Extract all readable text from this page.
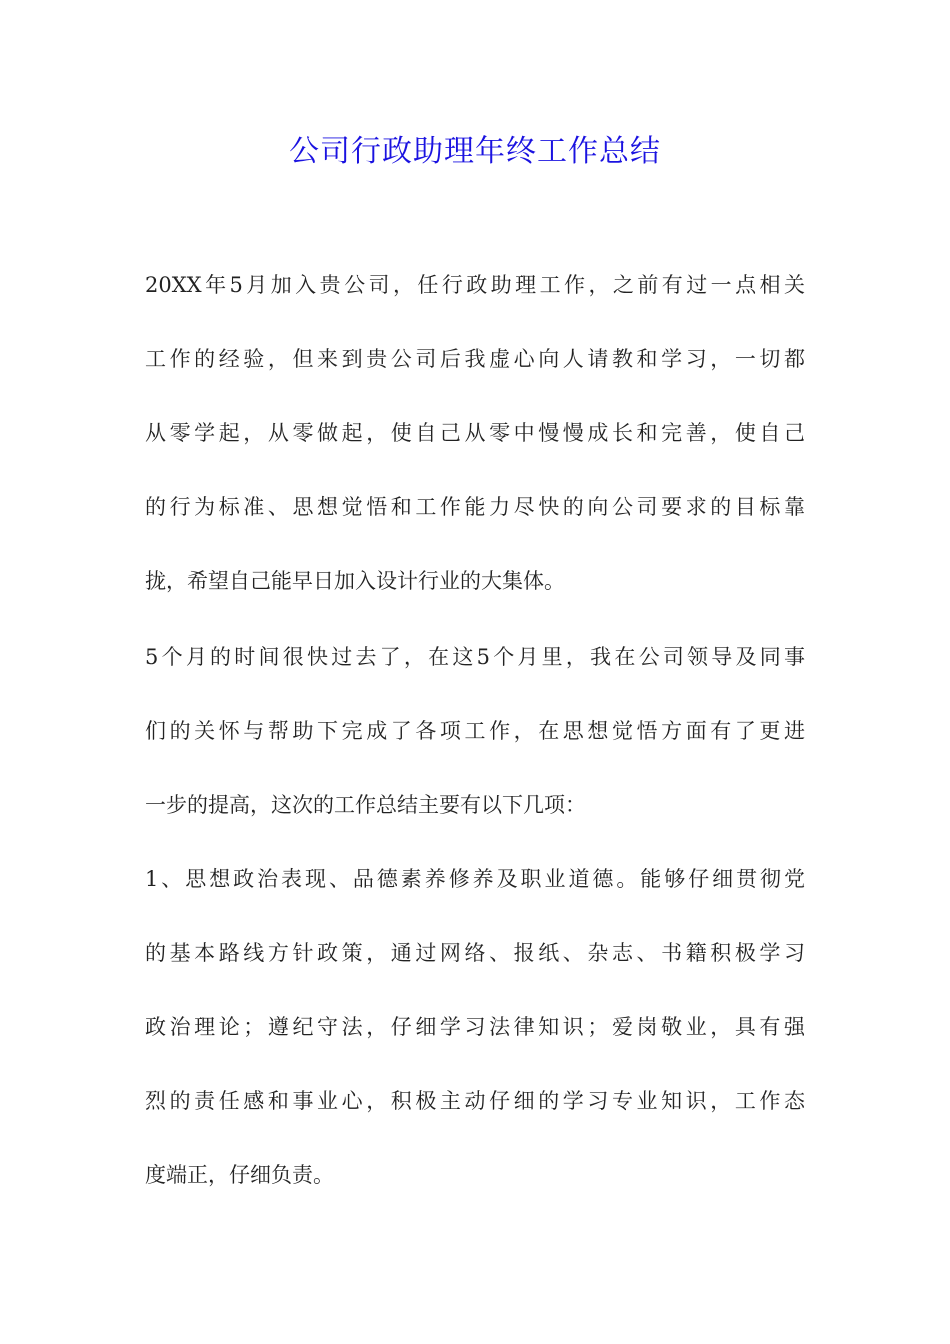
公司行政助理年终工作总结
20XX年5月加入贵公司，任行政助理工作，之前有过一点相关
工作的经验，但来到贵公司后我虚心向人请教和学习，一切都
从零学起，从零做起，使自己从零中慢慢成长和完善，使自己
的行为标准、思想觉悟和工作能力尽快的向公司要求的目标靠
拢，希望自己能早日加入设计行业的大集体。
5个月的时间很快过去了，在这5个月里，我在公司领导及同事
们的关怀与帮助下完成了各项工作，在思想觉悟方面有了更进
一步的提高，这次的工作总结主要有以下几项：
1、思想政治表现、品德素养修养及职业道德。能够仔细贯彻党
的基本路线方针政策，通过网络、报纸、杂志、书籍积极学习
政治理论；遵纪守法，仔细学习法律知识；爱岗敬业，具有强
烈的责任感和事业心，积极主动仔细的学习专业知识，工作态
度端正，仔细负责。
